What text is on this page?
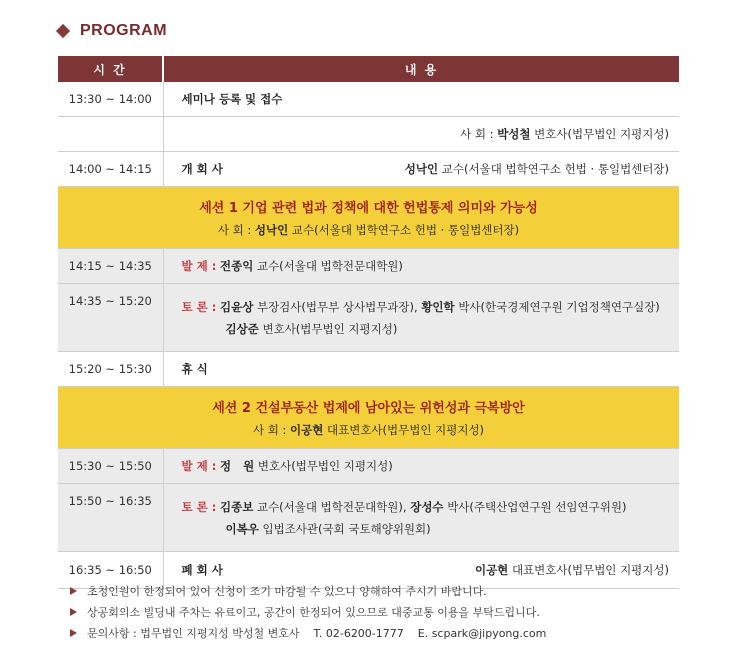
PROGRAM
시 간	내 용
13:30 ~ 14:00	세미나 등록 및 접수
	사 회 : 박성철 변호사(법무법인 지평지성)
14:00 ~ 14:15	개 회 사 성낙인 교수(서울대 법학연구소 헌법 · 통일법센터장)

세션 1 기업 관련 법과 정책에 대한 헌법통제 의미와 가능성
사 회 : 성낙인 교수(서울대 법학연구소 헌법 · 통일법센터장)	
14:15 ~ 14:35	발 제 : 전종익 교수(서울대 법학전문대학원)
14:35 ~ 15:20	토 론 : 김윤상 부장검사(법무부 상사법무과장), 황인학 박사(한국경제연구원 기업정책연구실장)
김상준 변호사(법무법인 지평지성)

15:20 ~ 15:30	휴 식

세션 2 건설부동산 법제에 남아있는 위헌성과 극복방안
사 회 : 이공현 대표변호사(법무법인 지평지성)	
15:30 ~ 15:50	발 제 : 정   원 변호사(법무법인 지평지성)
15:50 ~ 16:35	토 론 : 김종보 교수(서울대 법학전문대학원), 장성수 박사(주택산업연구원 선임연구위원)
이복우 입법조사관(국회 국토해양위원회)

16:35 ~ 16:50	폐 회 사 이공현 대표변호사(법무법인 지평지성)
초청인원이 한정되어 있어 신청이 조기 마감될 수 있으니 양해하여 주시기 바랍니다.
상공회의소 빌딩내 주차는 유료이고, 공간이 한정되어 있으므로 대중교통 이용을 부탁드립니다.
문의사항 : 법무법인 지평지성 박성철 변호사    T. 02-6200-1777    E. scpark@jipyong.com
